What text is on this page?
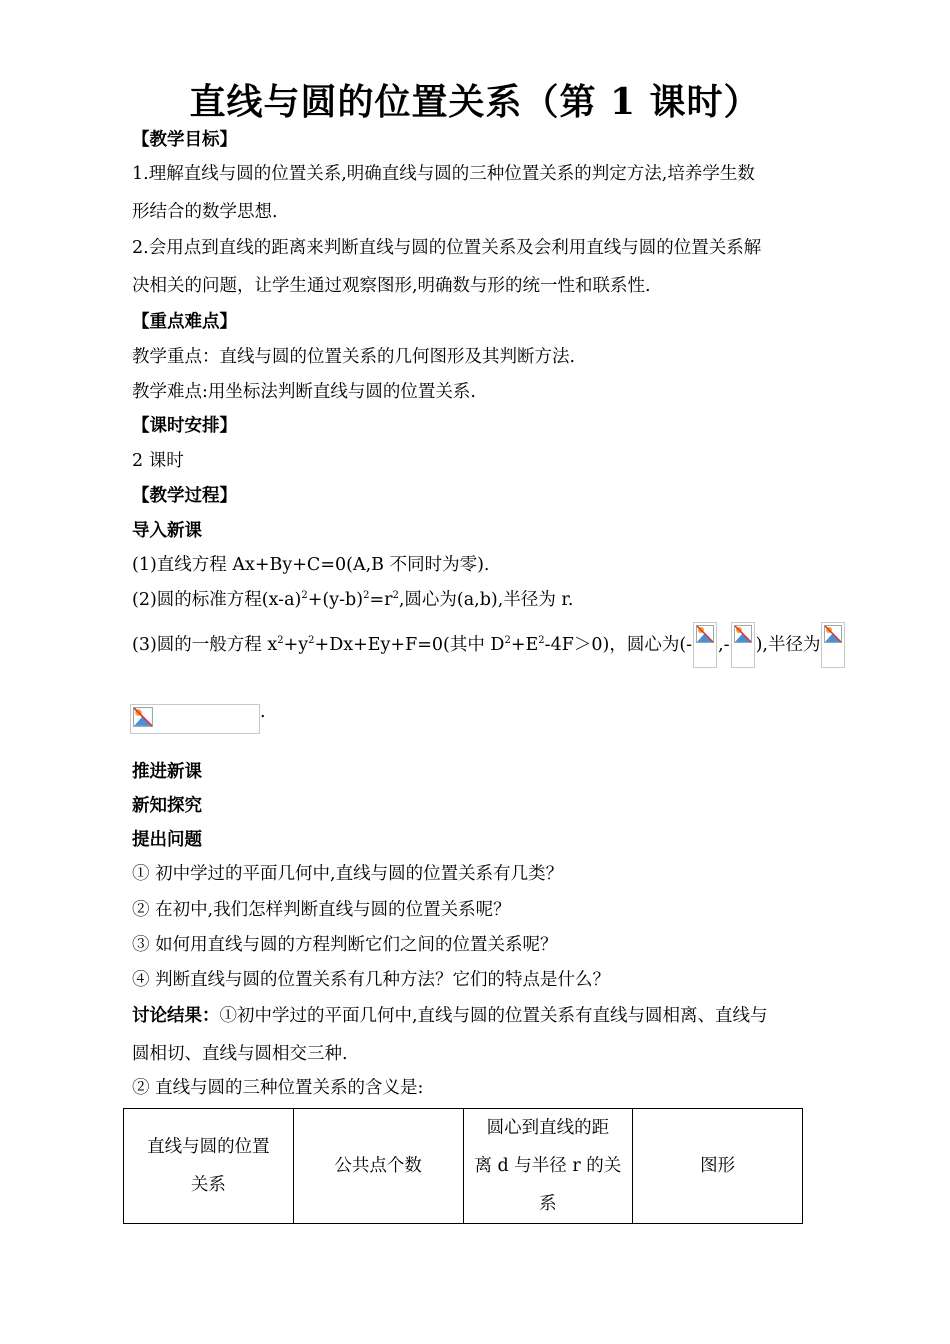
直线与圆的位置关系（第 1 课时）
【教学目标】
1.理解直线与圆的位置关系,明确直线与圆的三种位置关系的判定方法,培养学生数
形结合的数学思想.
2.会用点到直线的距离来判断直线与圆的位置关系及会利用直线与圆的位置关系解
决相关的问题，让学生通过观察图形,明确数与形的统一性和联系性.
【重点难点】
教学重点：直线与圆的位置关系的几何图形及其判断方法.
教学难点:用坐标法判断直线与圆的位置关系.
【课时安排】
2 课时
【教学过程】
导入新课
(1)直线方程 Ax+By+C=0(A,B 不同时为零).
(2)圆的标准方程$(x-a)^2+(y-b)^2=r^2$,圆心为(a,b),半径为 r.
(3)圆的一般方程 $x^2+y^2+Dx+Ey+F=0$(其中 $D^2+E^2-4F>0$)，圆心为(- ,- ),半径为
.
推进新课
新知探究
提出问题
① 初中学过的平面几何中,直线与圆的位置关系有几类？
② 在初中,我们怎样判断直线与圆的位置关系呢？
③ 如何用直线与圆的方程判断它们之间的位置关系呢？
④ 判断直线与圆的位置关系有几种方法？它们的特点是什么？
讨论结果：①初中学过的平面几何中,直线与圆的位置关系有直线与圆相离、直线与
圆相切、直线与圆相交三种.
② 直线与圆的三种位置关系的含义是:
直线与圆的位置
关系	公共点个数	圆心到直线的距
离 d 与半径 r 的关
系	图形
